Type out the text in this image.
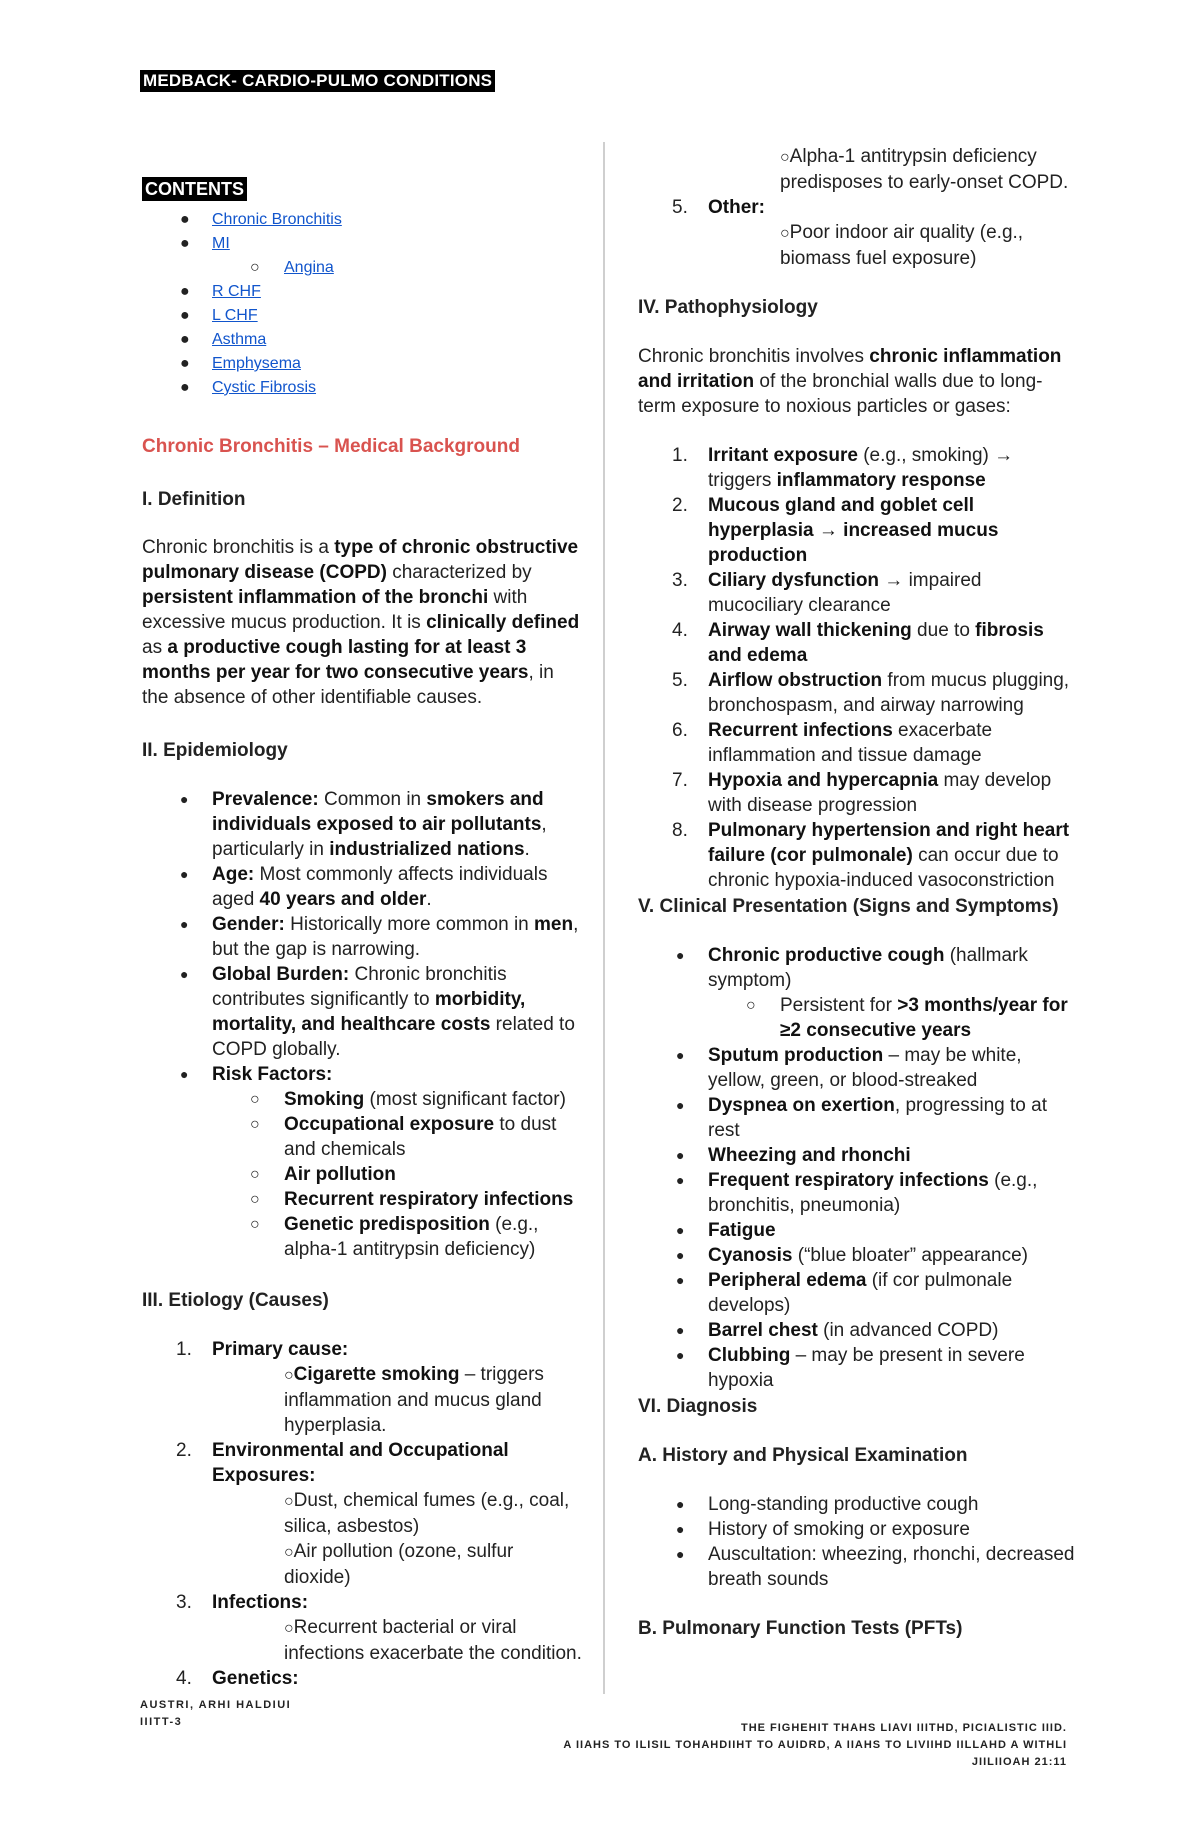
MEDBACK- CARDIO-PULMO CONDITIONS
CONTENTS
● Chronic Bronchitis
● MI
○ Angina
● R CHF
● L CHF
● Asthma
● Emphysema
● Cystic Fibrosis
Chronic Bronchitis – Medical Background
I. Definition

Chronic bronchitis is a type of chronic obstructive pulmonary disease (COPD) characterized by persistent inflammation of the bronchi with excessive mucus production. It is clinically defined as a productive cough lasting for at least 3 months per year for two consecutive years, in the absence of other identifiable causes.

II. Epidemiology
● Prevalence: Common in smokers and individuals exposed to air pollutants, particularly in industrialized nations.
● Age: Most commonly affects individuals aged 40 years and older.
● Gender: Historically more common in men, but the gap is narrowing.
● Global Burden: Chronic bronchitis contributes significantly to morbidity, mortality, and healthcare costs related to COPD globally.
● Risk Factors:
○ Smoking (most significant factor)
○ Occupational exposure to dust and chemicals
○ Air pollution
○ Recurrent respiratory infections
○ Genetic predisposition (e.g., alpha-1 antitrypsin deficiency)
III. Etiology (Causes)
1. Primary cause:
○Cigarette smoking – triggers inflammation and mucus gland hyperplasia.
2. Environmental and Occupational Exposures:
○Dust, chemical fumes (e.g., coal, silica, asbestos)
○Air pollution (ozone, sulfur dioxide)
3. Infections:
○Recurrent bacterial or viral infections exacerbate the condition.
4. Genetics:
○Alpha-1 antitrypsin deficiency predisposes to early-onset COPD.
5. Other:
○Poor indoor air quality (e.g., biomass fuel exposure)
IV. Pathophysiology

Chronic bronchitis involves chronic inflammation and irritation of the bronchial walls due to long-term exposure to noxious particles or gases:

1. Irritant exposure (e.g., smoking) → triggers inflammatory response
2. Mucous gland and goblet cell hyperplasia → increased mucus production
3. Ciliary dysfunction → impaired mucociliary clearance
4. Airway wall thickening due to fibrosis and edema
5. Airflow obstruction from mucus plugging, bronchospasm, and airway narrowing
6. Recurrent infections exacerbate inflammation and tissue damage
7. Hypoxia and hypercapnia may develop with disease progression
8. Pulmonary hypertension and right heart failure (cor pulmonale) can occur due to chronic hypoxia-induced vasoconstriction
V. Clinical Presentation (Signs and Symptoms)
● Chronic productive cough (hallmark symptom)
○ Persistent for >3 months/year for ≥2 consecutive years
● Sputum production – may be white, yellow, green, or blood-streaked
● Dyspnea on exertion, progressing to at rest
● Wheezing and rhonchi
● Frequent respiratory infections (e.g., bronchitis, pneumonia)
● Fatigue
● Cyanosis (“blue bloater” appearance)
● Peripheral edema (if cor pulmonale develops)
● Barrel chest (in advanced COPD)
● Clubbing – may be present in severe hypoxia
VI. Diagnosis
A. History and Physical Examination
● Long-standing productive cough
● History of smoking or exposure
● Auscultation: wheezing, rhonchi, decreased breath sounds
B. Pulmonary Function Tests (PFTs)
AUSTRI, ARHI HALDIUI
IIITT-3	THE FIGHEHIT THAHS LIAVI IIITHD, PICIALISTIC IIID.
A IIAHS TO ILISIL TOHAHDIIHT TO AUIDRD, A IIAHS TO LIVIIHD IILLAHD A WITHLI
JIILIIOAH 21:11
